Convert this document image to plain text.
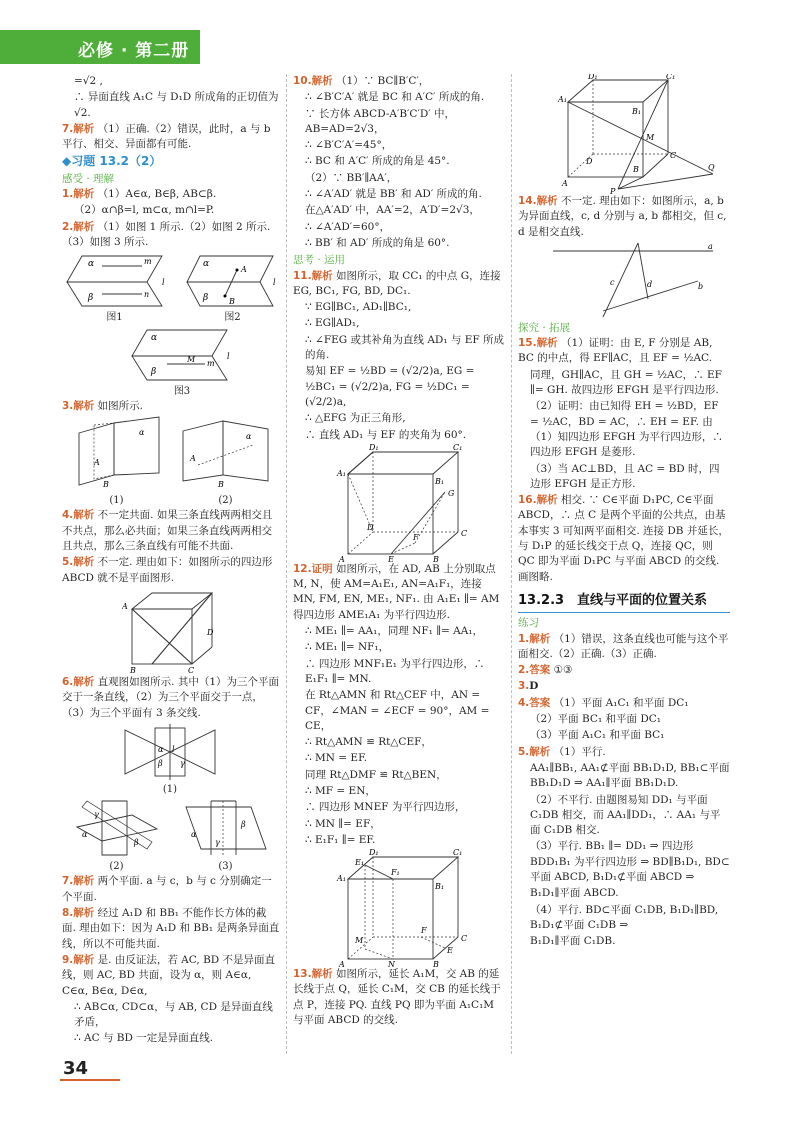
必修 · 第二册

=√2 ,

∴ 异面直线 A₁C 与 D₁D 所成角的正切值为√2.

7.解析 （1）正确.（2）错误，此时，a 与 b 平行、相交、异面都有可能.

◆习题 13.2（2）

感受 · 理解

1.解析 （1）A∈α, B∈β, AB⊂β.

（2）α∩β=l, m⊂α, m∩l=P.

2.解析 （1）如图 1 所示.（2）如图 2 所示.（3）如图 3 所示.

α
β
m
n
l

图1

α
β
A
B
l

图2

α
β
m
M	l

图3

3.解析 如图所示.

α
A
B

(1)

α
A
B

(2)

4.解析 不一定共面. 如果三条直线两两相交且不共点，那么必共面；如果三条直线两两相交且共点，那么三条直线有可能不共面.

5.解析 不一定. 理由如下：如图所示的四边形 ABCD 就不是平面图形.

A
D
B	C

6.解析 直观图如图所示. 其中（1）为三个平面交于一条直线，（2）为三个平面交于一点，（3）为三个平面有 3 条交线.

α l
β γ

(1)

γ
β
α

(2)

α
β
γ

(3)

7.解析 两个平面. a 与 c，b 与 c 分别确定一个平面.

8.解析 经过 A₁D 和 BB₁ 不能作长方体的截面. 理由如下：因为 A₁D 和 BB₁ 是两条异面直线，所以不可能共面.

9.解析 是. 由反证法，若 AC, BD 不是异面直线，则 AC, BD 共面，设为 α，则 A∈α, C∈α, B∈α, D∈α,

∴ AB⊂α, CD⊂α，与 AB, CD 是异面直线矛盾，

∴ AC 与 BD 一定是异面直线.

10.解析 （1）∵ BC∥B′C′，

∴ ∠B′C′A′ 就是 BC 和 A′C′ 所成的角.

∵ 长方体 ABCD-A′B′C′D′ 中，AB=AD=2√3，

∴ ∠B′C′A′=45°，

∴ BC 和 A′C′ 所成的角是 45°.

（2）∵ BB′∥AA′，

∴ ∠A′AD′ 就是 BB′ 和 AD′ 所成的角.

在△A′AD′ 中，AA′=2，A′D′=2√3，

∴ ∠A′AD′=60°，

∴ BB′ 和 AD′ 所成的角是 60°.

思考 · 运用

11.解析 如图所示，取 CC₁ 的中点 G，连接 EG, BC₁, FG, BD, DC₁.

∵ EG∥BC₁, AD₁∥BC₁,

∴ EG∥AD₁,

∴ ∠FEG 或其补角为直线 AD₁ 与 EF 所成的角.

易知 EF = ½BD = (√2/2)a, EG = ½BC₁ = (√2/2)a, FG = ½DC₁ = (√2/2)a,

∴ △EFG 为正三角形,

∴ 直线 AD₁ 与 EF 的夹角为 60°.

D₁	C₁
A₁
B₁
G
D
C
F
A	E	B

12.证明 如图所示，在 AD, AB 上分别取点 M, N，使 AM=A₁E₁, AN=A₁F₁，连接 MN, FM, EN, ME₁, NF₁. 由 A₁E₁ ∥= AM 得四边形 AME₁A₁ 为平行四边形.

∴ ME₁ ∥= AA₁，同理 NF₁ ∥= AA₁，

∴ ME₁ ∥= NF₁，

∴ 四边形 MNF₁E₁ 为平行四边形，∴ E₁F₁ ∥= MN.

在 Rt△AMN 和 Rt△CEF 中，AN = CF，∠MAN = ∠ECF = 90°，AM = CE，

∴ Rt△AMN ≌ Rt△CEF，

∴ MN = EF.

同理 Rt△DMF ≌ Rt△BEN，

∴ MF = EN，

∴ 四边形 MNEF 为平行四边形，

∴ MN ∥= EF，

∴ E₁F₁ ∥= EF.

D₁	C₁
A₁
E₁
F₁
B₁
M
F
E
C
A	N	B

13.解析 如图所示，延长 A₁M，交 AB 的延长线于点 Q，延长 C₁M，交 CB 的延长线于点 P，连接 PQ. 直线 PQ 即为平面 A₁C₁M 与平面 ABCD 的交线.

D₁	C₁
A₁
B₁
M
B
D
C
A
P
Q

14.解析 不一定. 理由如下：如图所示，a, b 为异面直线，c, d 分别与 a, b 都相交，但 c, d 是相交直线.

a
b
c	d

探究 · 拓展

15.解析 （1）证明：由 E, F 分别是 AB, BC 的中点，得 EF∥AC，且 EF = ½AC.

同理，GH∥AC，且 GH = ½AC，∴ EF ∥= GH. 故四边形 EFGH 是平行四边形.

（2）证明：由已知得 EH = ½BD，EF = ½AC，BD = AC，∴ EH = EF. 由（1）知四边形 EFGH 为平行四边形，∴ 四边形 EFGH 是菱形.

（3）当 AC⊥BD，且 AC = BD 时，四边形 EFGH 是正方形.

16.解析 相交. ∵ C∈平面 D₁PC, C∈平面 ABCD，∴ 点 C 是两个平面的公共点，由基本事实 3 可知两平面相交. 连接 DB 并延长，与 D₁P 的延长线交于点 Q，连接 QC，则 QC 即为平面 D₁PC 与平面 ABCD 的交线. 画图略.

13.2.3　直线与平面的位置关系

练习

1.解析 （1）错误，这条直线也可能与这个平面相交.（2）正确.（3）正确.

2.答案 ①③

3.D

4.答案 （1）平面 A₁C₁ 和平面 DC₁

（2）平面 BC₁ 和平面 DC₁

（3）平面 A₁C₁ 和平面 BC₁

5.解析 （1）平行.

AA₁∥BB₁, AA₁⊄平面 BB₁D₁D, BB₁⊂平面 BB₁D₁D ⇒ AA₁∥平面 BB₁D₁D.

（2）不平行. 由题图易知 DD₁ 与平面 C₁DB 相交，而 AA₁∥DD₁，∴ AA₁ 与平面 C₁DB 相交.

（3）平行. BB₁ ∥= DD₁ ⇒ 四边形 BDD₁B₁ 为平行四边形 ⇒ BD∥B₁D₁, BD⊂平面 ABCD, B₁D₁⊄平面 ABCD ⇒

B₁D₁∥平面 ABCD.

（4）平行. BD⊂平面 C₁DB, B₁D₁∥BD, B₁D₁⊄平面 C₁DB ⇒

B₁D₁∥平面 C₁DB.

34
